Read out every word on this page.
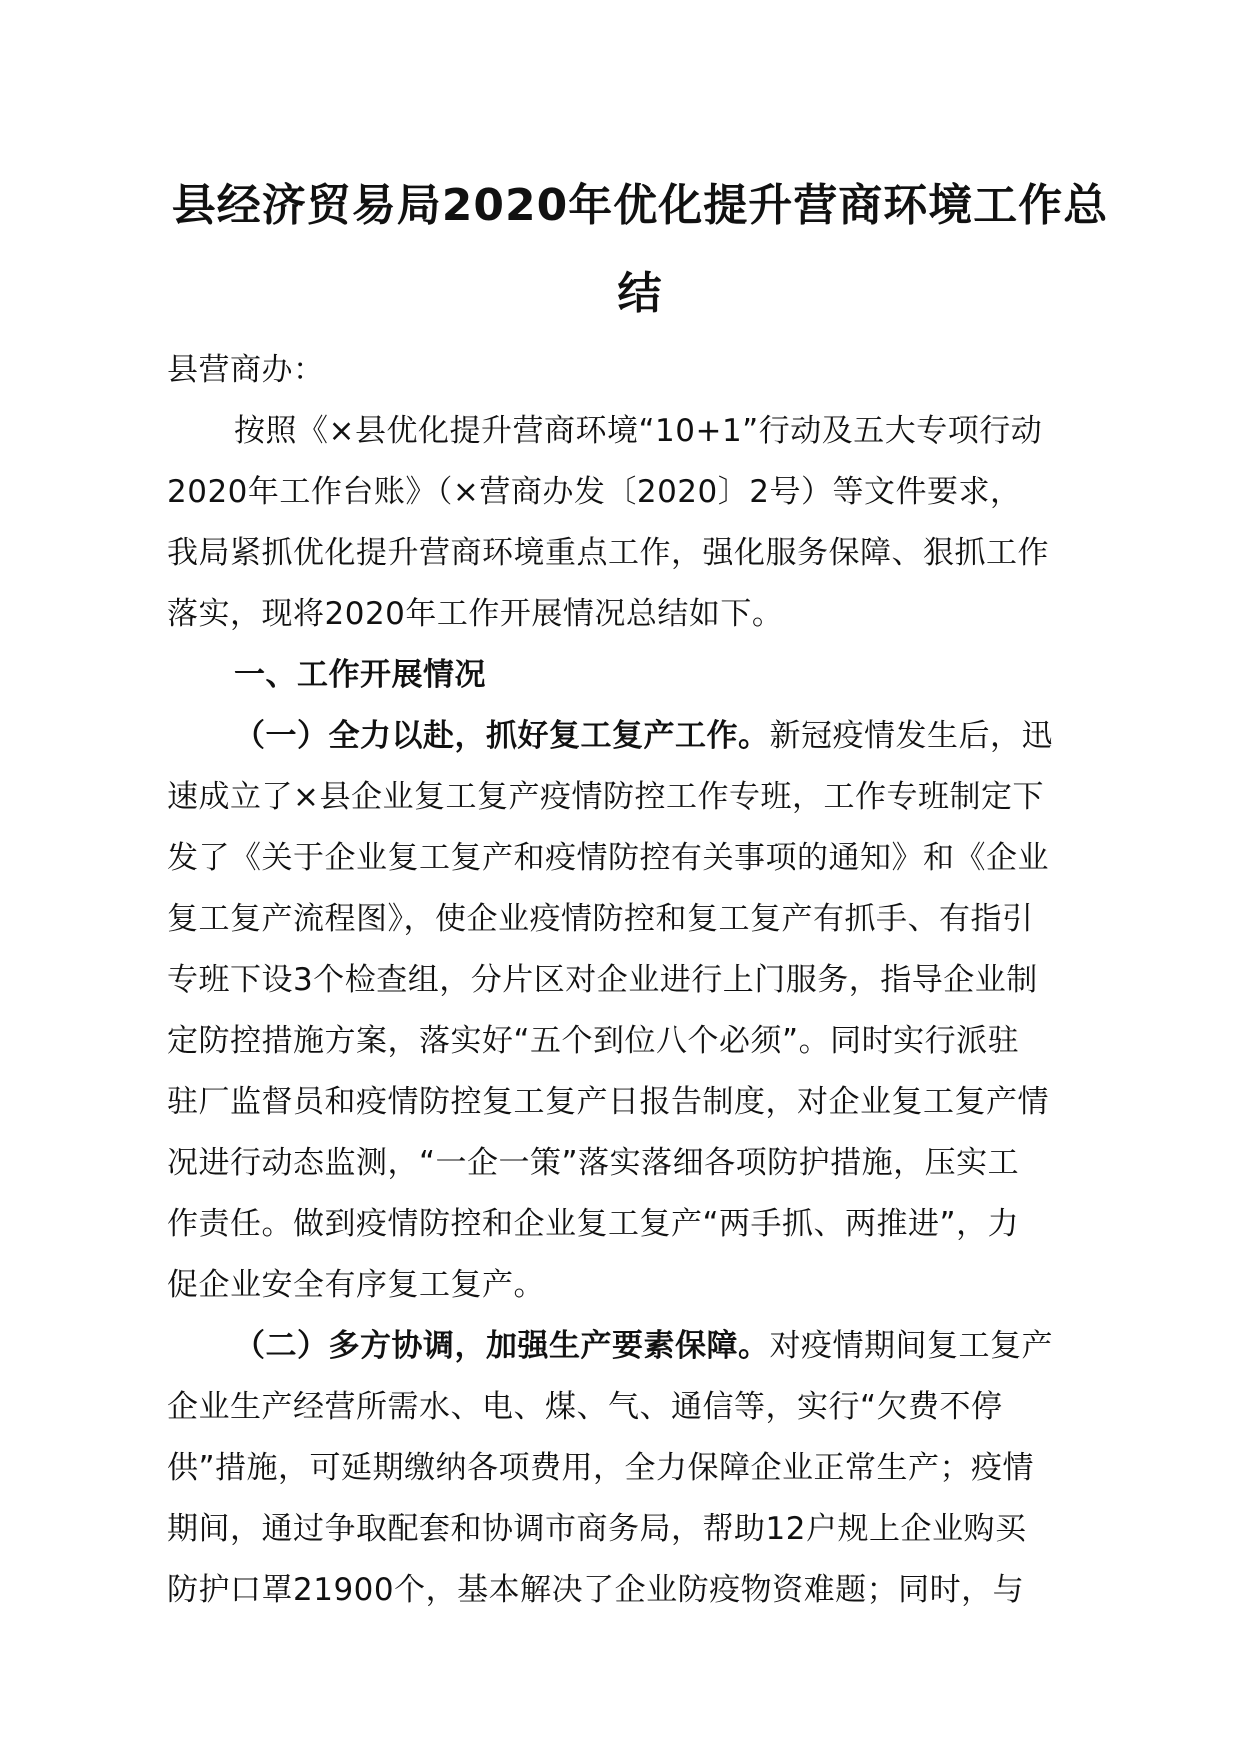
县经济贸易局2020年优化提升营商环境工作总
结
县营商办：
按照《×县优化提升营商环境“10+1”行动及五大专项行动
2020年工作台账》（×营商办发〔2020〕2号）等文件要求，
我局紧抓优化提升营商环境重点工作，强化服务保障、狠抓工作
落实，现将2020年工作开展情况总结如下。
一、工作开展情况
（一）全力以赴，抓好复工复产工作。新冠疫情发生后，迅
速成立了×县企业复工复产疫情防控工作专班，工作专班制定下
发了《关于企业复工复产和疫情防控有关事项的通知》和《企业
复工复产流程图》，使企业疫情防控和复工复产有抓手、有指引
专班下设3个检查组，分片区对企业进行上门服务，指导企业制
定防控措施方案，落实好“五个到位八个必须”。同时实行派驻
驻厂监督员和疫情防控复工复产日报告制度，对企业复工复产情
况进行动态监测，“一企一策”落实落细各项防护措施，压实工
作责任。做到疫情防控和企业复工复产“两手抓、两推进”，力
促企业安全有序复工复产。
（二）多方协调，加强生产要素保障。对疫情期间复工复产
企业生产经营所需水、电、煤、气、通信等，实行“欠费不停
供”措施，可延期缴纳各项费用，全力保障企业正常生产；疫情
期间，通过争取配套和协调市商务局，帮助12户规上企业购买
防护口罩21900个，基本解决了企业防疫物资难题；同时，与
